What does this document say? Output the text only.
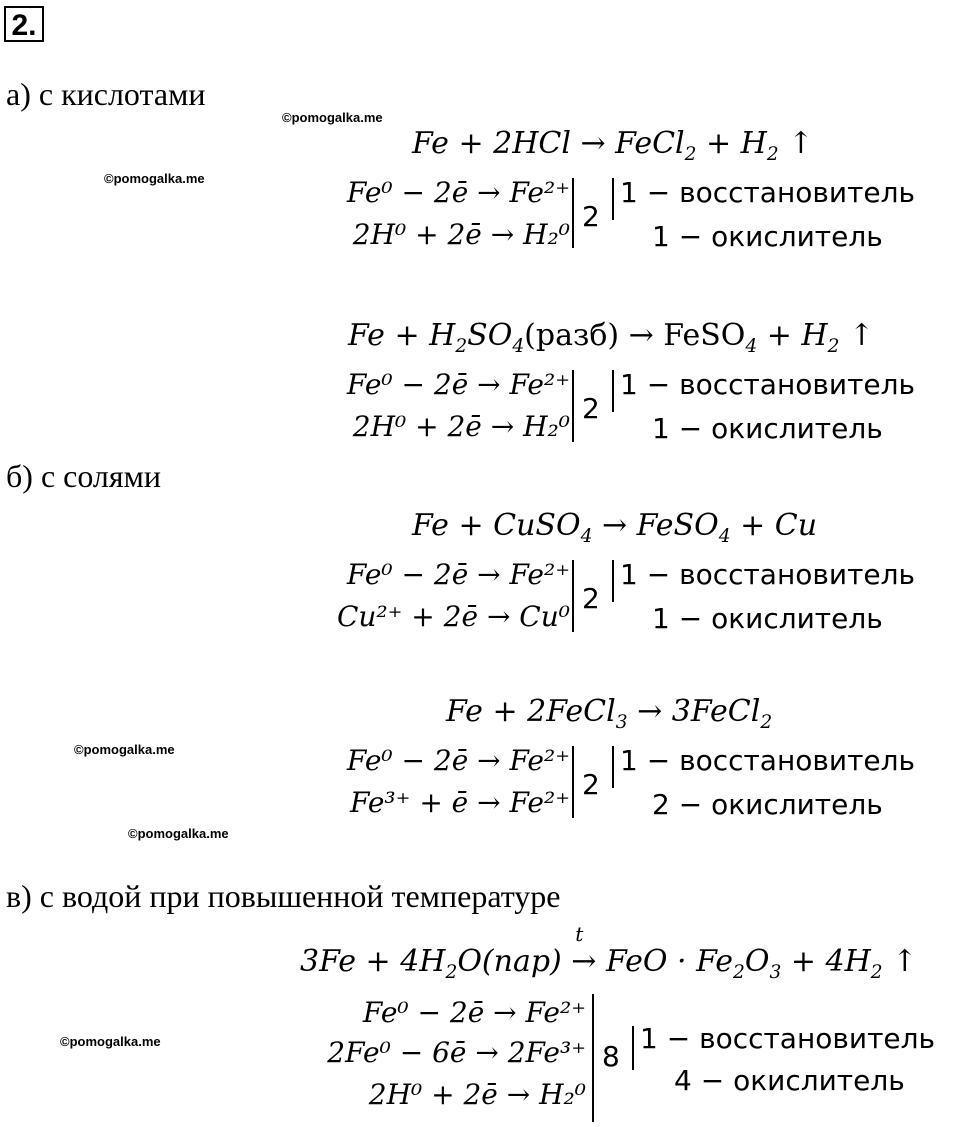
2.
а) с кислотами
©pomogalka.me
©pomogalka.me
Fe + 2HCl → FeCl$_2$ + $H_2$ ↑
Fe⁰ − 2ē → Fe²⁺
2H⁰ + 2ē → H₂⁰
2
1 − восстановитель
1 − окислитель
$Fe + H_2SO_4(разб)$ → FeSO$_4$ + $H_2$ ↑
Fe⁰ − 2ē → Fe²⁺
2H⁰ + 2ē → H₂⁰
2
1 − восстановитель
1 − окислитель
б) с солями
Fe + CuSO$_4$ → FeSO$_4$ + Cu
Fe⁰ − 2ē → Fe²⁺
Cu²⁺ + 2ē → Cu⁰
2
1 − восстановитель
1 − окислитель
Fe + 2FeCl$_3$ → 3FeCl$_2$
©pomogalka.me	Fe⁰ − 2ē → Fe²⁺
Fe³⁺ + ē → Fe²⁺
2
1 − восстановитель
2 − окислитель
©pomogalka.me
в) с водой при повышенной температуре
$3Fe + 4H_2O(пар)$
t
→ FeO · $Fe_2O_3 + 4H_2$ ↑
©pomogalka.me
Fe⁰ − 2ē → Fe²⁺
2Fe⁰ − 6ē → 2Fe³⁺
2H⁰ + 2ē → H₂⁰
8
1 − восстановитель
4 − окислитель
